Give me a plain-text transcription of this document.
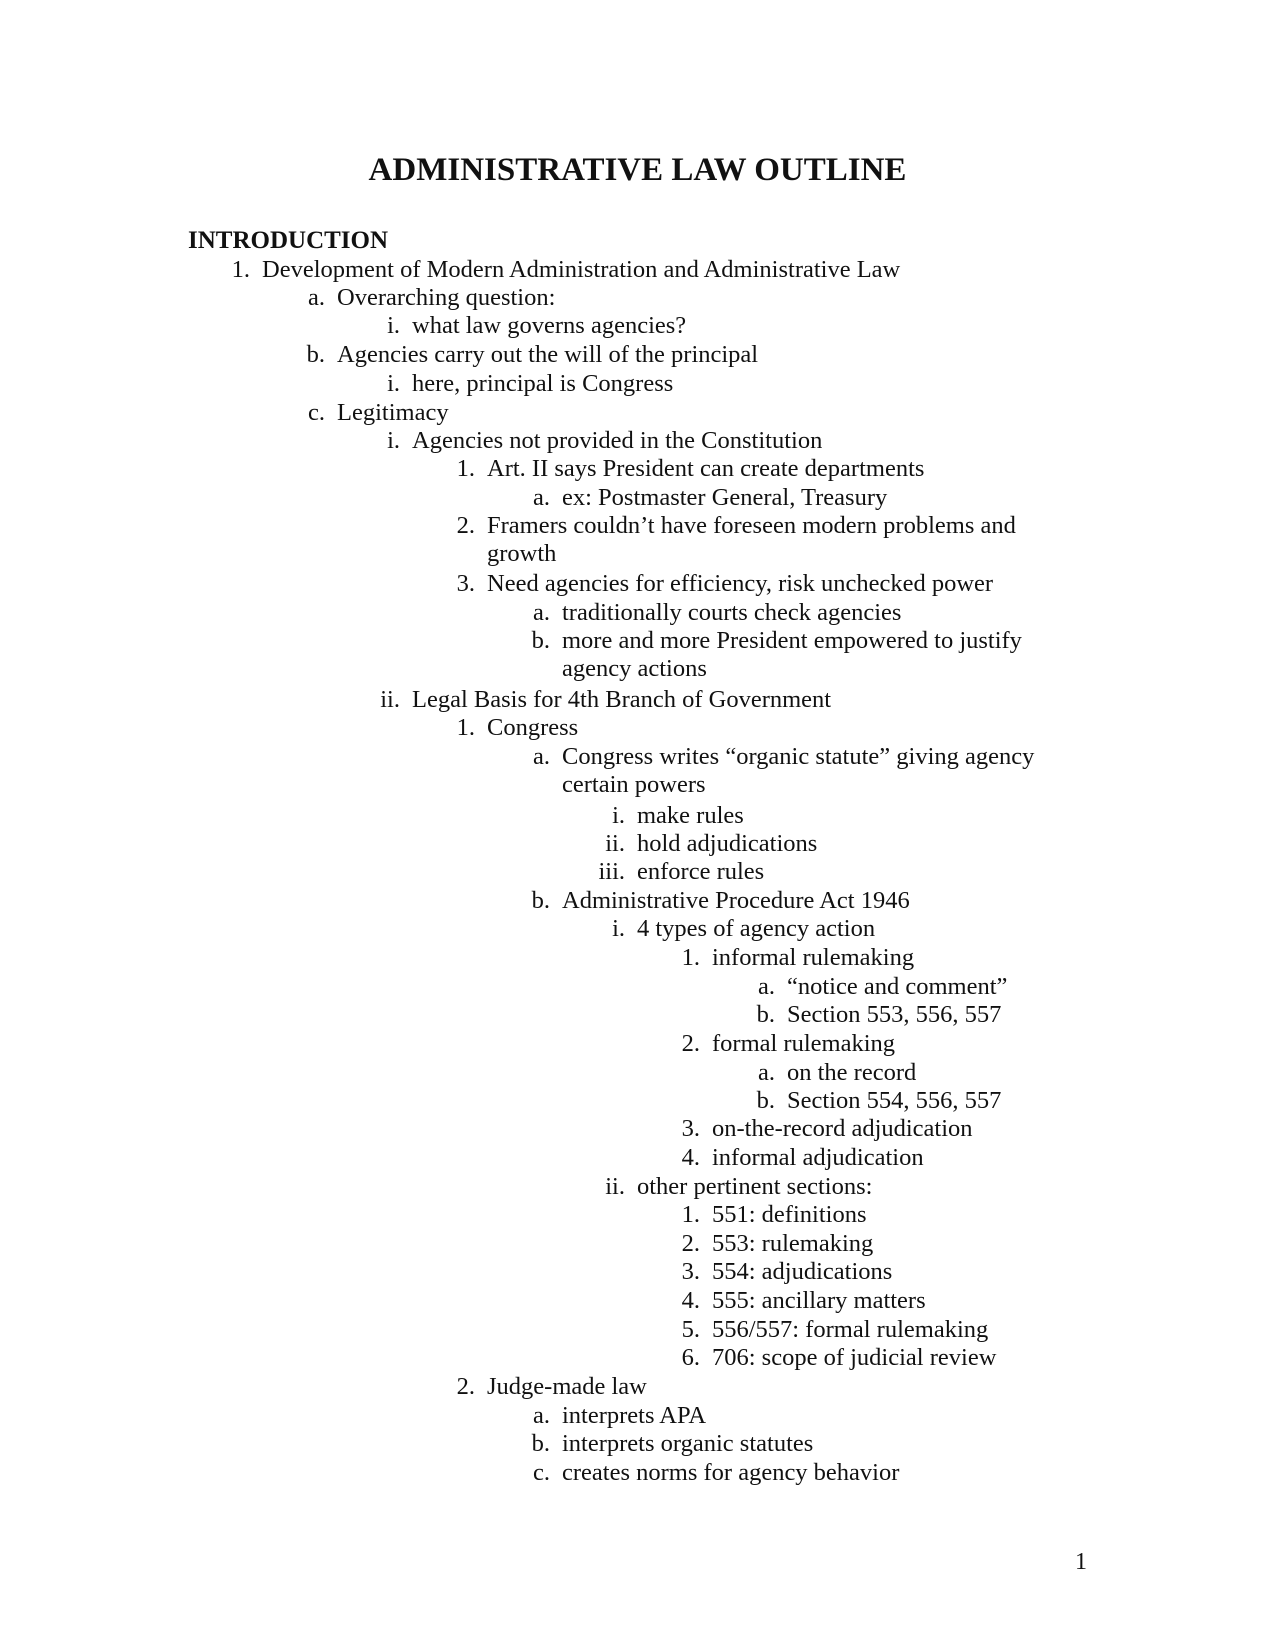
ADMINISTRATIVE LAW OUTLINE
INTRODUCTION
1. Development of Modern Administration and Administrative Law
a. Overarching question:
i. what law governs agencies?
b. Agencies carry out the will of the principal
i. here, principal is Congress
c. Legitimacy
i. Agencies not provided in the Constitution
1. Art. II says President can create departments
a. ex: Postmaster General, Treasury
2. Framers couldn’t have foreseen modern problems and growth
3. Need agencies for efficiency, risk unchecked power
a. traditionally courts check agencies
b. more and more President empowered to justify agency actions
ii. Legal Basis for 4th Branch of Government
1. Congress
a. Congress writes “organic statute” giving agency certain powers
i. make rules
ii. hold adjudications
iii. enforce rules
b. Administrative Procedure Act 1946
i. 4 types of agency action
1. informal rulemaking
a. “notice and comment”
b. Section 553, 556, 557
2. formal rulemaking
a. on the record
b. Section 554, 556, 557
3. on-the-record adjudication
4. informal adjudication
ii. other pertinent sections:
1. 551: definitions
2. 553: rulemaking
3. 554: adjudications
4. 555: ancillary matters
5. 556/557: formal rulemaking
6. 706: scope of judicial review
2. Judge-made law
a. interprets APA
b. interprets organic statutes
c. creates norms for agency behavior
1
